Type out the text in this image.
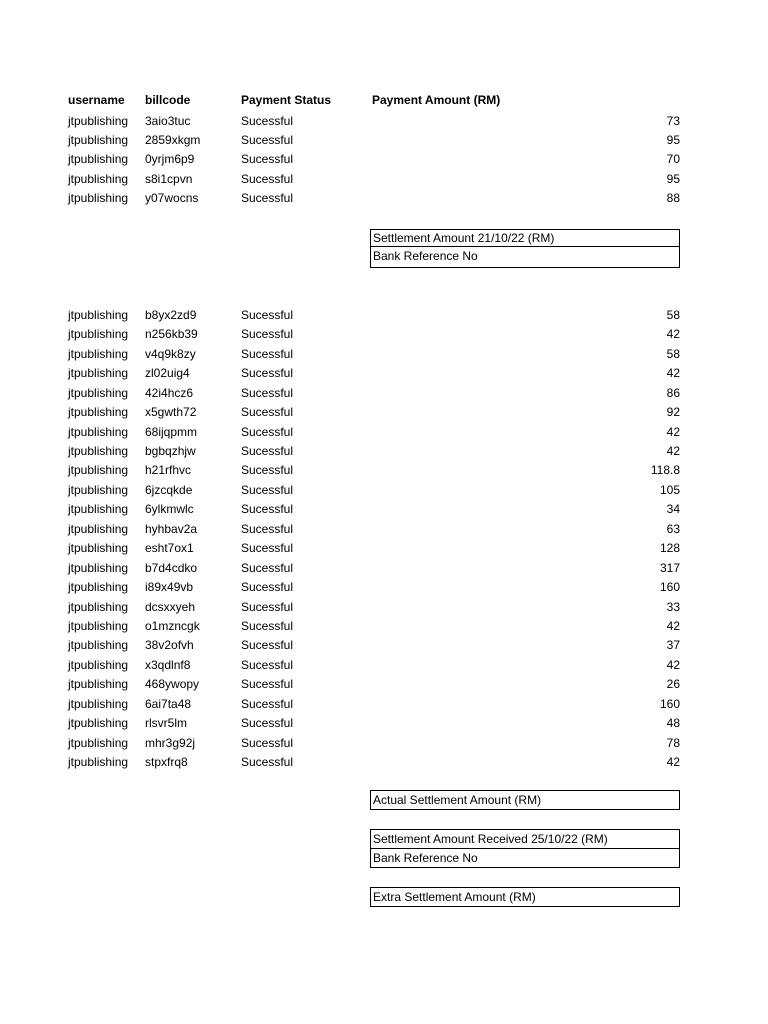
username billcode	Payment Status	Payment Amount (RM)
jtpublishing 3aio3tuc	Sucessful	73
jtpublishing 2859xkgm	Sucessful	95
jtpublishing 0yrjm6p9	Sucessful	70
jtpublishing s8i1cpvn	Sucessful	95
jtpublishing y07wocns	Sucessful	88
Settlement Amount 21/10/22 (RM)
Bank Reference No
jtpublishing b8yx2zd9	Sucessful	58
jtpublishing n256kb39	Sucessful	42
jtpublishing v4q9k8zy	Sucessful	58
jtpublishing zl02uig4	Sucessful	42
jtpublishing 42i4hcz6	Sucessful	86
jtpublishing x5gwth72	Sucessful	92
jtpublishing 68ijqpmm	Sucessful	42
jtpublishing bgbqzhjw	Sucessful	42
jtpublishing h21rfhvc	Sucessful	118.8
jtpublishing 6jzcqkde	Sucessful	105
jtpublishing 6ylkmwlc	Sucessful	34
jtpublishing hyhbav2a	Sucessful	63
jtpublishing esht7ox1	Sucessful	128
jtpublishing b7d4cdko	Sucessful	317
jtpublishing i89x49vb	Sucessful	160
jtpublishing dcsxxyeh	Sucessful	33
jtpublishing o1mzncgk	Sucessful	42
jtpublishing 38v2ofvh	Sucessful	37
jtpublishing x3qdlnf8	Sucessful	42
jtpublishing 468ywopy	Sucessful	26
jtpublishing 6ai7ta48	Sucessful	160
jtpublishing rlsvr5lm	Sucessful	48
jtpublishing mhr3g92j	Sucessful	78
jtpublishing stpxfrq8	Sucessful	42
Actual Settlement Amount (RM)
Settlement Amount Received 25/10/22 (RM)
Bank Reference No
Extra Settlement Amount (RM)
